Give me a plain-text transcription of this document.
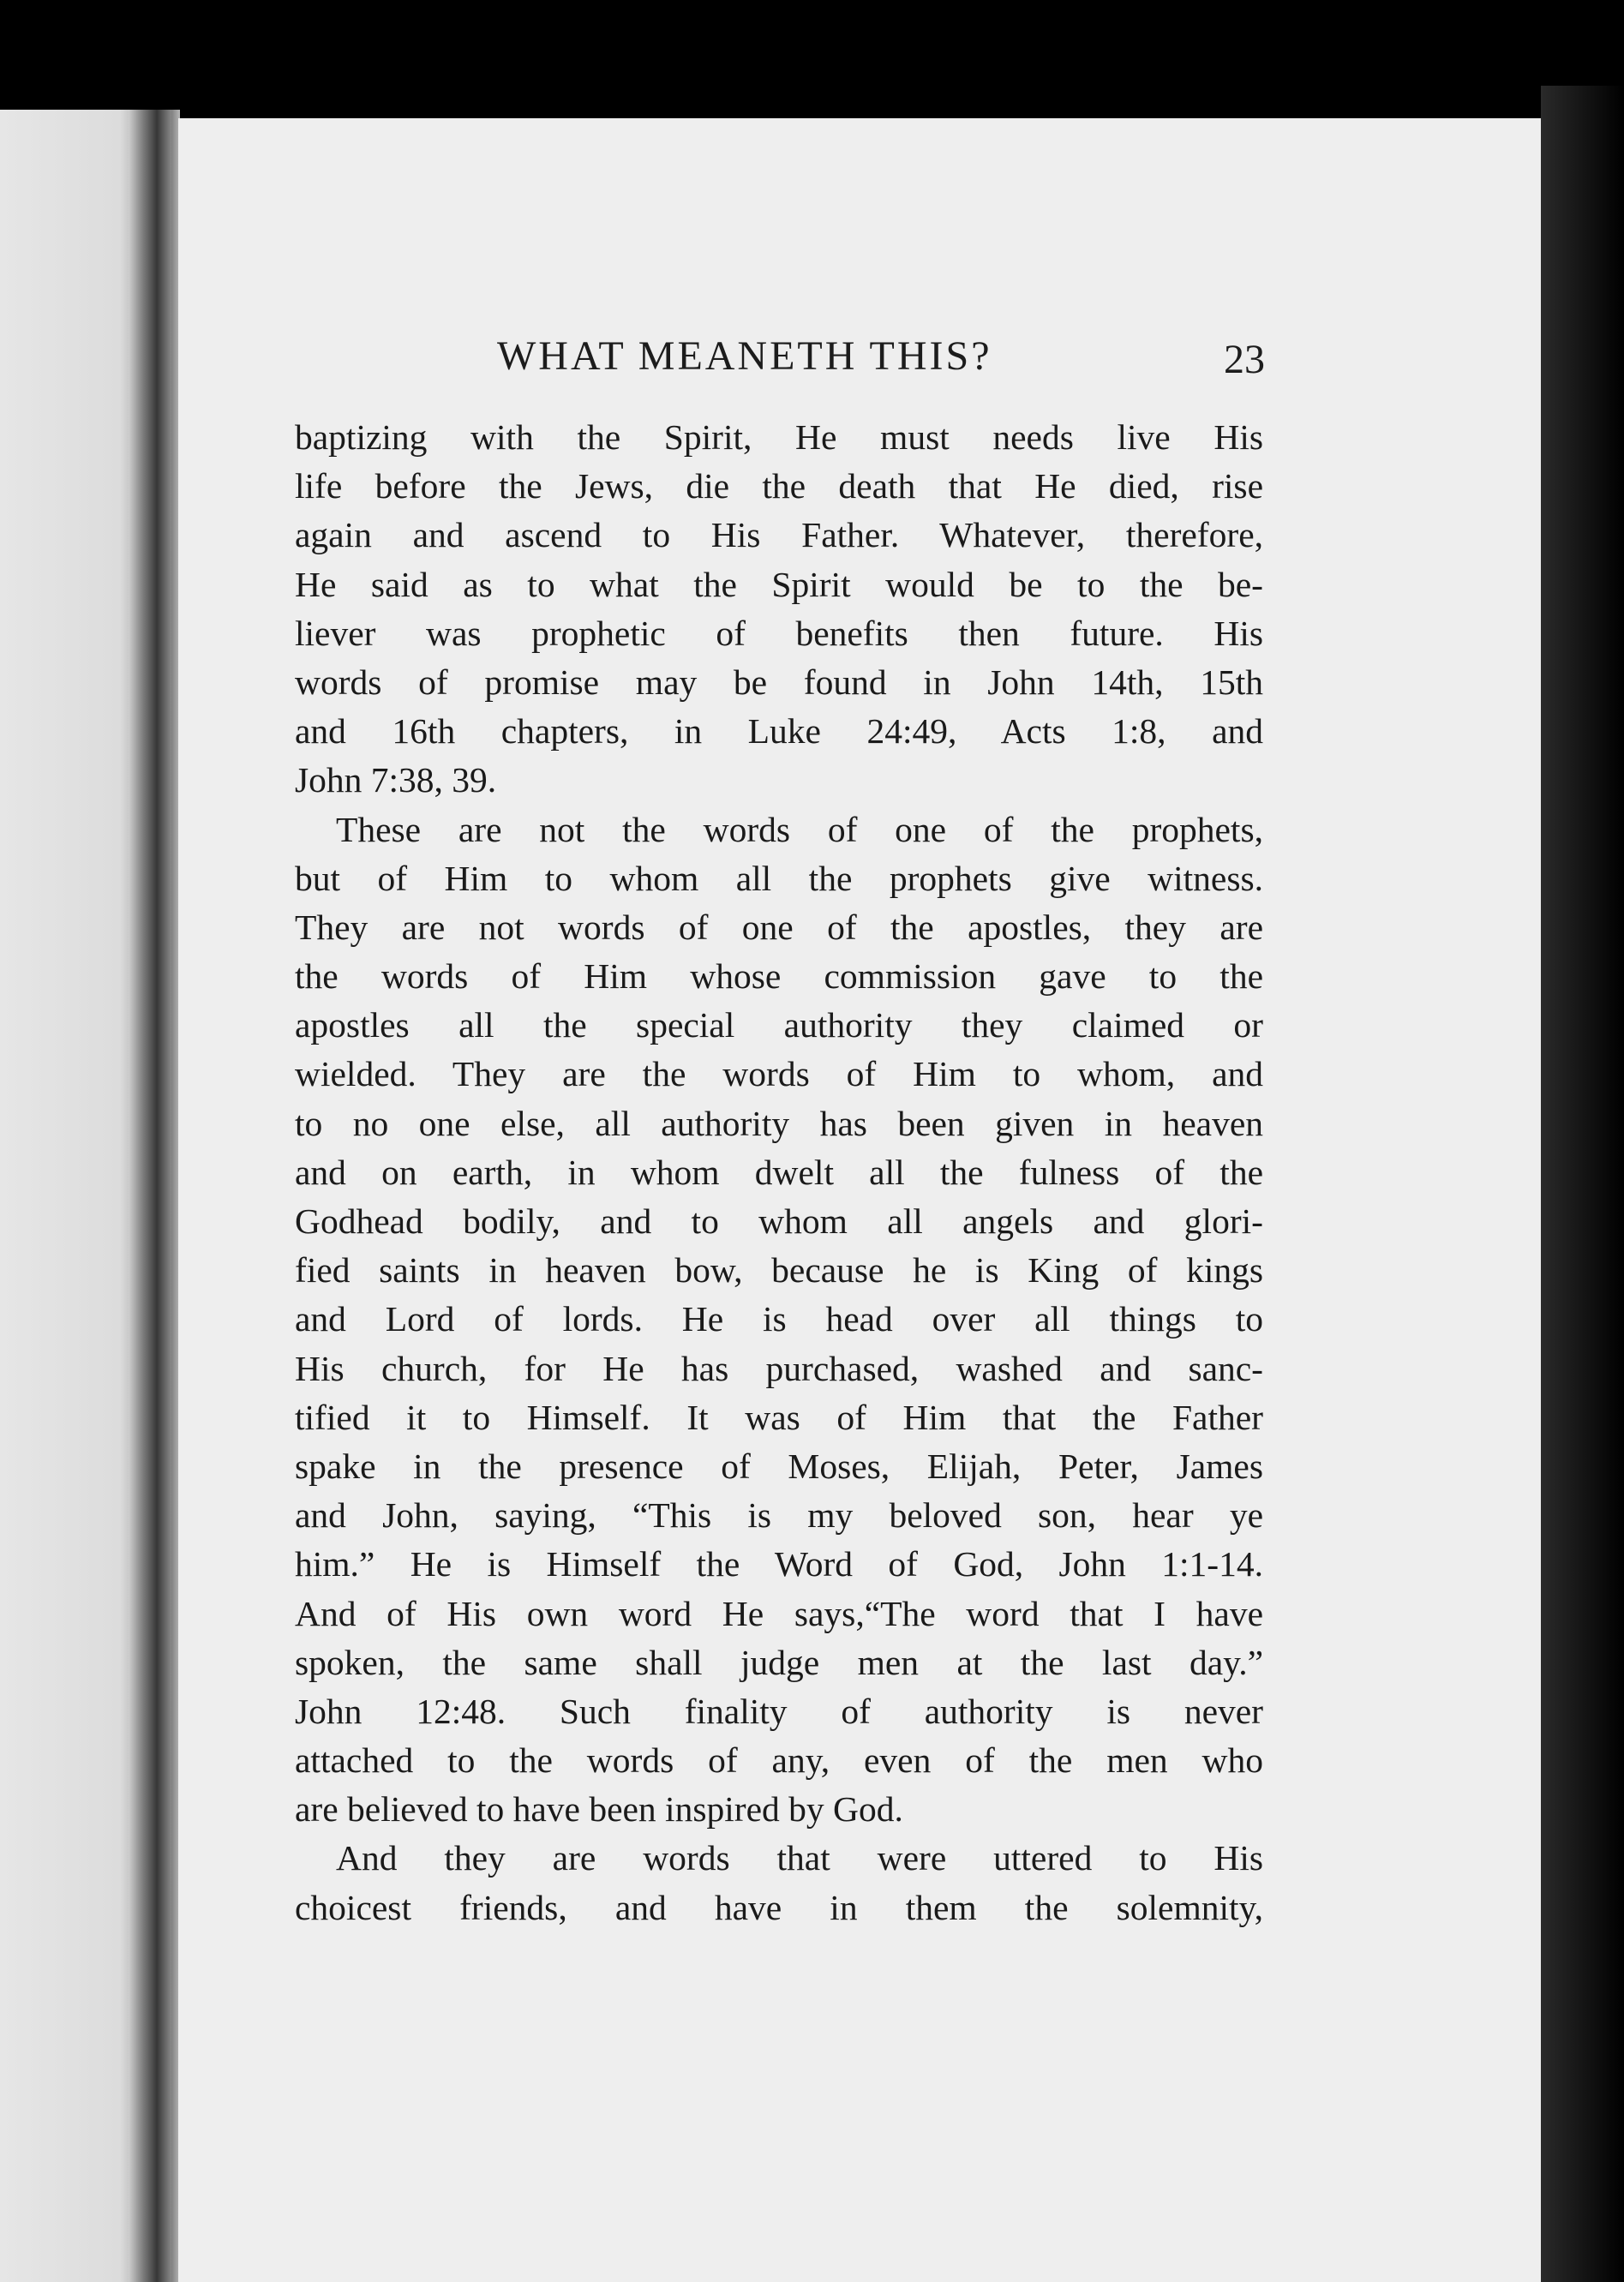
WHAT MEANETH THIS?	23
baptizing with the Spirit, He must needs live His
life before the Jews, die the death that He died, rise
again and ascend to His Father. Whatever, therefore,
He said as to what the Spirit would be to the be-
liever was prophetic of benefits then future. His
words of promise may be found in John 14th, 15th
and 16th chapters, in Luke 24:49, Acts 1:8, and
John 7:38, 39.
These are not the words of one of the prophets,
but of Him to whom all the prophets give witness.
They are not words of one of the apostles, they are
the words of Him whose commission gave to the
apostles all the special authority they claimed or
wielded. They are the words of Him to whom, and
to no one else, all authority has been given in heaven
and on earth, in whom dwelt all the fulness of the
Godhead bodily, and to whom all angels and glori-
fied saints in heaven bow, because he is King of kings
and Lord of lords. He is head over all things to
His church, for He has purchased, washed and sanc-
tified it to Himself. It was of Him that the Father
spake in the presence of Moses, Elijah, Peter, James
and John, saying, “This is my beloved son, hear ye
him.” He is Himself the Word of God, John 1:1-14.
And of His own word He says,“The word that I have
spoken, the same shall judge men at the last day.”
John 12:48. Such finality of authority is never
attached to the words of any, even of the men who
are believed to have been inspired by God.
And they are words that were uttered to His
choicest friends, and have in them the solemnity,
